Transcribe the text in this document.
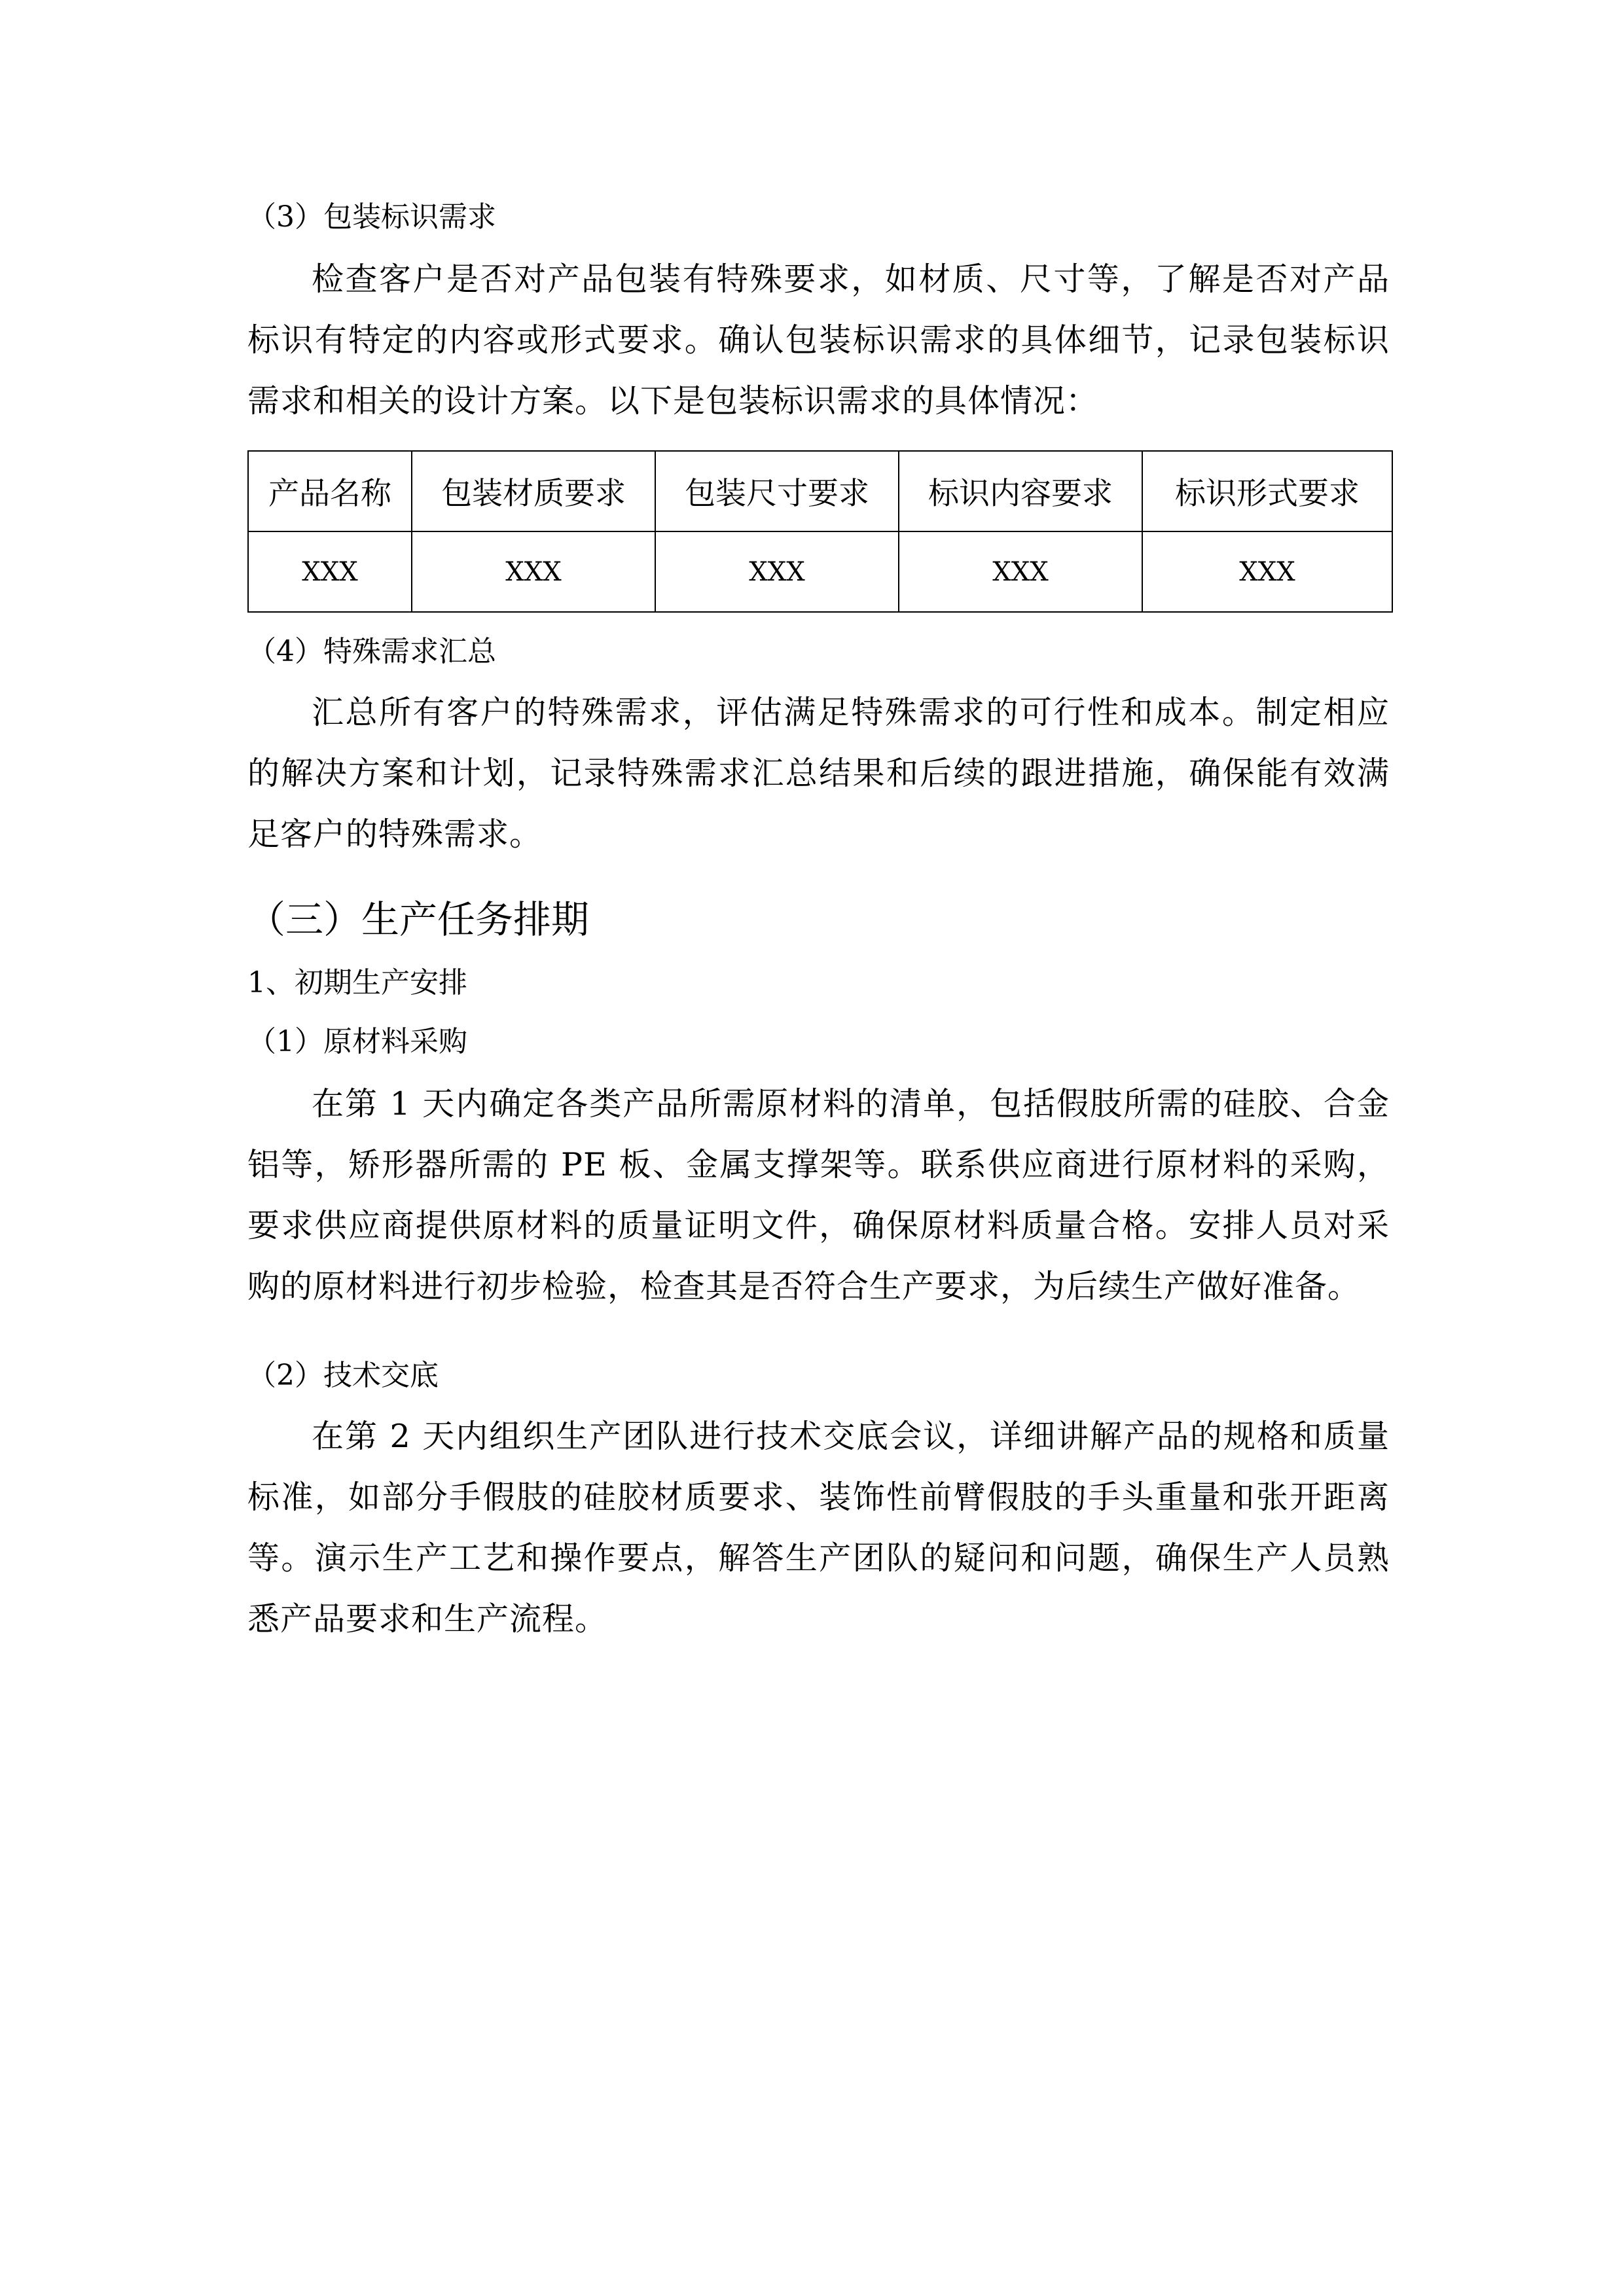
（3）包装标识需求

检查客户是否对产品包装有特殊要求，如材质、尺寸等，了解是否对产品标识有特定的内容或形式要求。确认包装标识需求的具体细节，记录包装标识需求和相关的设计方案。以下是包装标识需求的具体情况：

产品名称	包装材质要求	包装尺寸要求	标识内容要求	标识形式要求
XXX	XXX	XXX	XXX	XXX
（4）特殊需求汇总

汇总所有客户的特殊需求，评估满足特殊需求的可行性和成本。制定相应的解决方案和计划，记录特殊需求汇总结果和后续的跟进措施，确保能有效满足客户的特殊需求。

（三）生产任务排期
1、初期生产安排
（1）原材料采购

在第 1 天内确定各类产品所需原材料的清单，包括假肢所需的硅胶、合金铝等，矫形器所需的 PE 板、金属支撑架等。联系供应商进行原材料的采购，要求供应商提供原材料的质量证明文件，确保原材料质量合格。安排人员对采购的原材料进行初步检验，检查其是否符合生产要求，为后续生产做好准备。

（2）技术交底

在第 2 天内组织生产团队进行技术交底会议，详细讲解产品的规格和质量标准，如部分手假肢的硅胶材质要求、装饰性前臂假肢的手头重量和张开距离等。演示生产工艺和操作要点，解答生产团队的疑问和问题，确保生产人员熟悉产品要求和生产流程。
